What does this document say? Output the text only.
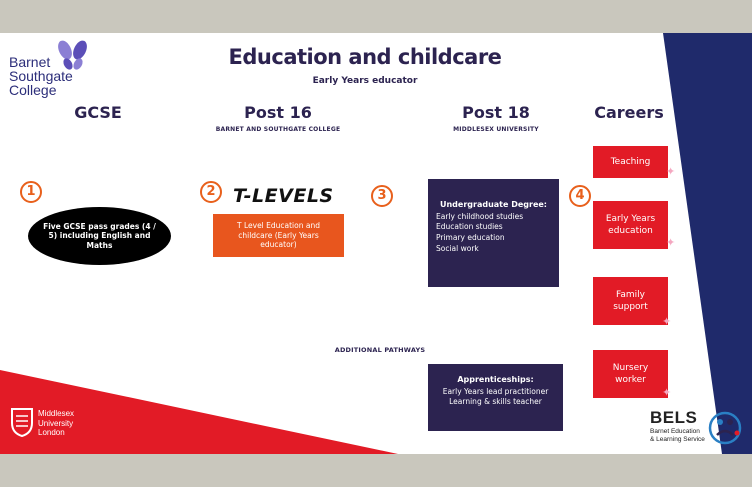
Barnet
Southgate
College
Education and childcare
Early Years educator
GCSE	Post 16
BARNET AND SOUTHGATE COLLEGE
Post 18
MIDDLESEX UNIVERSITY
Careers
1	2	3	4
Five GCSE pass grades (4 / 5) including English and Maths
T-LEVELS
T Level Education and childcare (Early Years educator)
Undergraduate Degree:
Early childhood studies
Education studies
Primary education
Social work
ADDITIONAL PATHWAYS
Apprenticeships:
Early Years lead practitioner
Learning & skills teacher
Teaching
✦
Early Years
education
✦
Family
support
✦
Nursery
worker
✦
Middlesex
University
London
BELS
Barnet Education
& Learning Service
